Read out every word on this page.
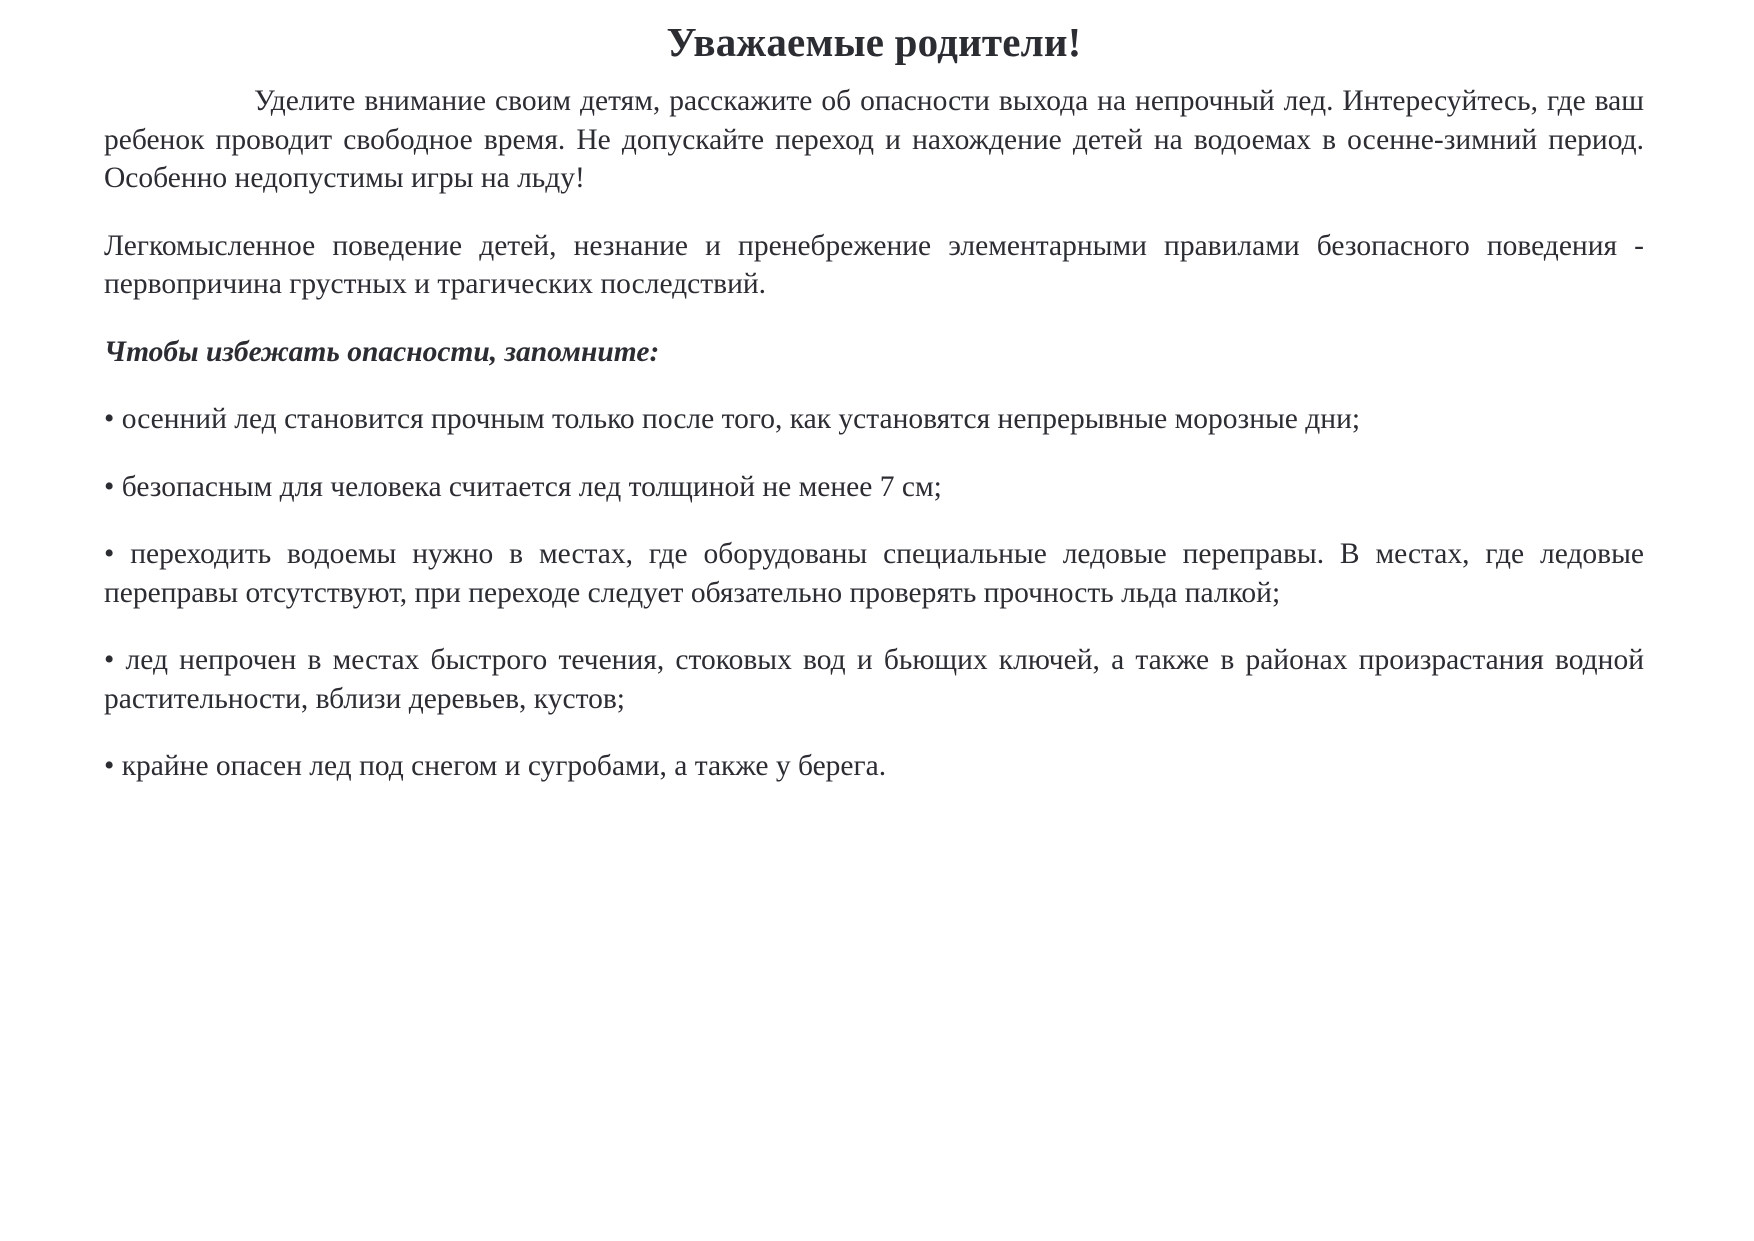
Уважаемые родители!

Уделите внимание своим детям, расскажите об опасности выхода на непрочный лед. Интересуйтесь, где ваш ребенок проводит свободное время. Не допускайте переход и нахождение детей на водоемах в осенне-зимний период. Особенно недопустимы игры на льду!

Легкомысленное поведение детей, незнание и пренебрежение элементарными правилами безопасного поведения - первопричина грустных и трагических последствий.

Чтобы избежать опасности, запомните:

• осенний лед становится прочным только после того, как установятся непрерывные морозные дни;

• безопасным для человека считается лед толщиной не менее 7 см;

• переходить водоемы нужно в местах, где оборудованы специальные ледовые переправы. В местах, где ледовые переправы отсутствуют, при переходе следует обязательно проверять прочность льда палкой;

• лед непрочен в местах быстрого течения, стоковых вод и бьющих ключей, а также в районах произрастания водной растительности, вблизи деревьев, кустов;

• крайне опасен лед под снегом и сугробами, а также у берега.
